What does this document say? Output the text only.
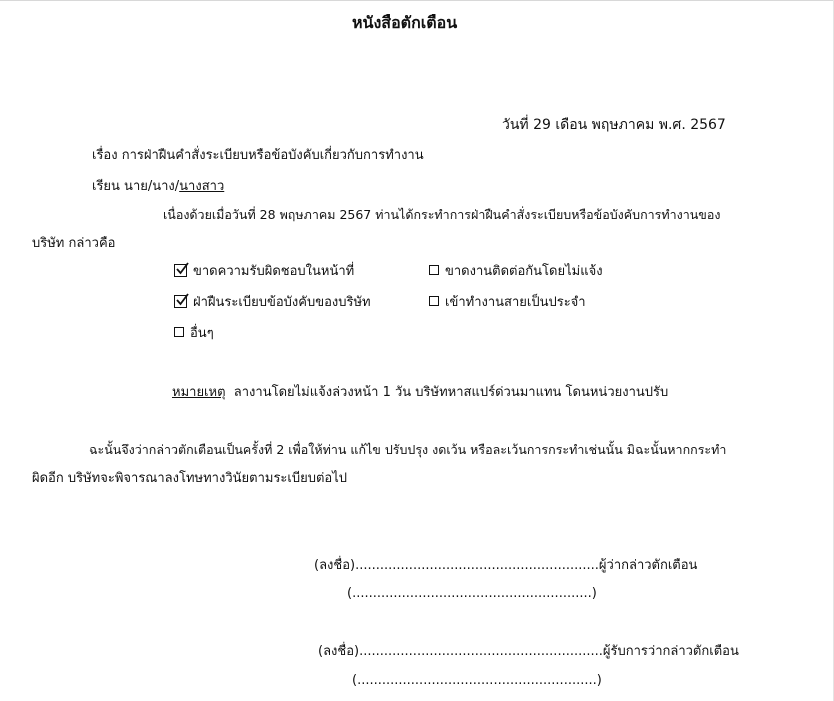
หนังสือตักเตือน
วันที่ 29 เดือน พฤษภาคม พ.ศ. 2567
เรื่อง การฝ่าฝืนคำสั่งระเบียบหรือข้อบังคับเกี่ยวกับการทำงาน
เรียน นาย/นาง/นางสาว
เนื่องด้วยเมื่อวันที่ 28 พฤษภาคม 2567 ท่านได้กระทำการฝ่าฝืนคำสั่งระเบียบหรือข้อบังคับการทำงานของ
บริษัท กล่าวคือ
ขาดความรับผิดชอบในหน้าที่	ขาดงานติดต่อกันโดยไม่แจ้ง
ฝ่าฝืนระเบียบข้อบังคับของบริษัท	เข้าทำงานสายเป็นประจำ
อื่นๆ
หมายเหตุ ลางานโดยไม่แจ้งล่วงหน้า 1 วัน บริษัทหาสแปร์ด่วนมาแทน โดนหน่วยงานปรับ
ฉะนั้นจึงว่ากล่าวตักเตือนเป็นครั้งที่ 2 เพื่อให้ท่าน แก้ไข ปรับปรุง งดเว้น หรือละเว้นการกระทำเช่นนั้น มิฉะนั้นหากกระทำ
ผิดอีก บริษัทจะพิจารณาลงโทษทางวินัยตามระเบียบต่อไป
(ลงชื่อ)...........................................................ผู้ว่ากล่าวตักเตือน
(..........................................................)
(ลงชื่อ)...........................................................ผู้รับการว่ากล่าวตักเตือน
(..........................................................)
